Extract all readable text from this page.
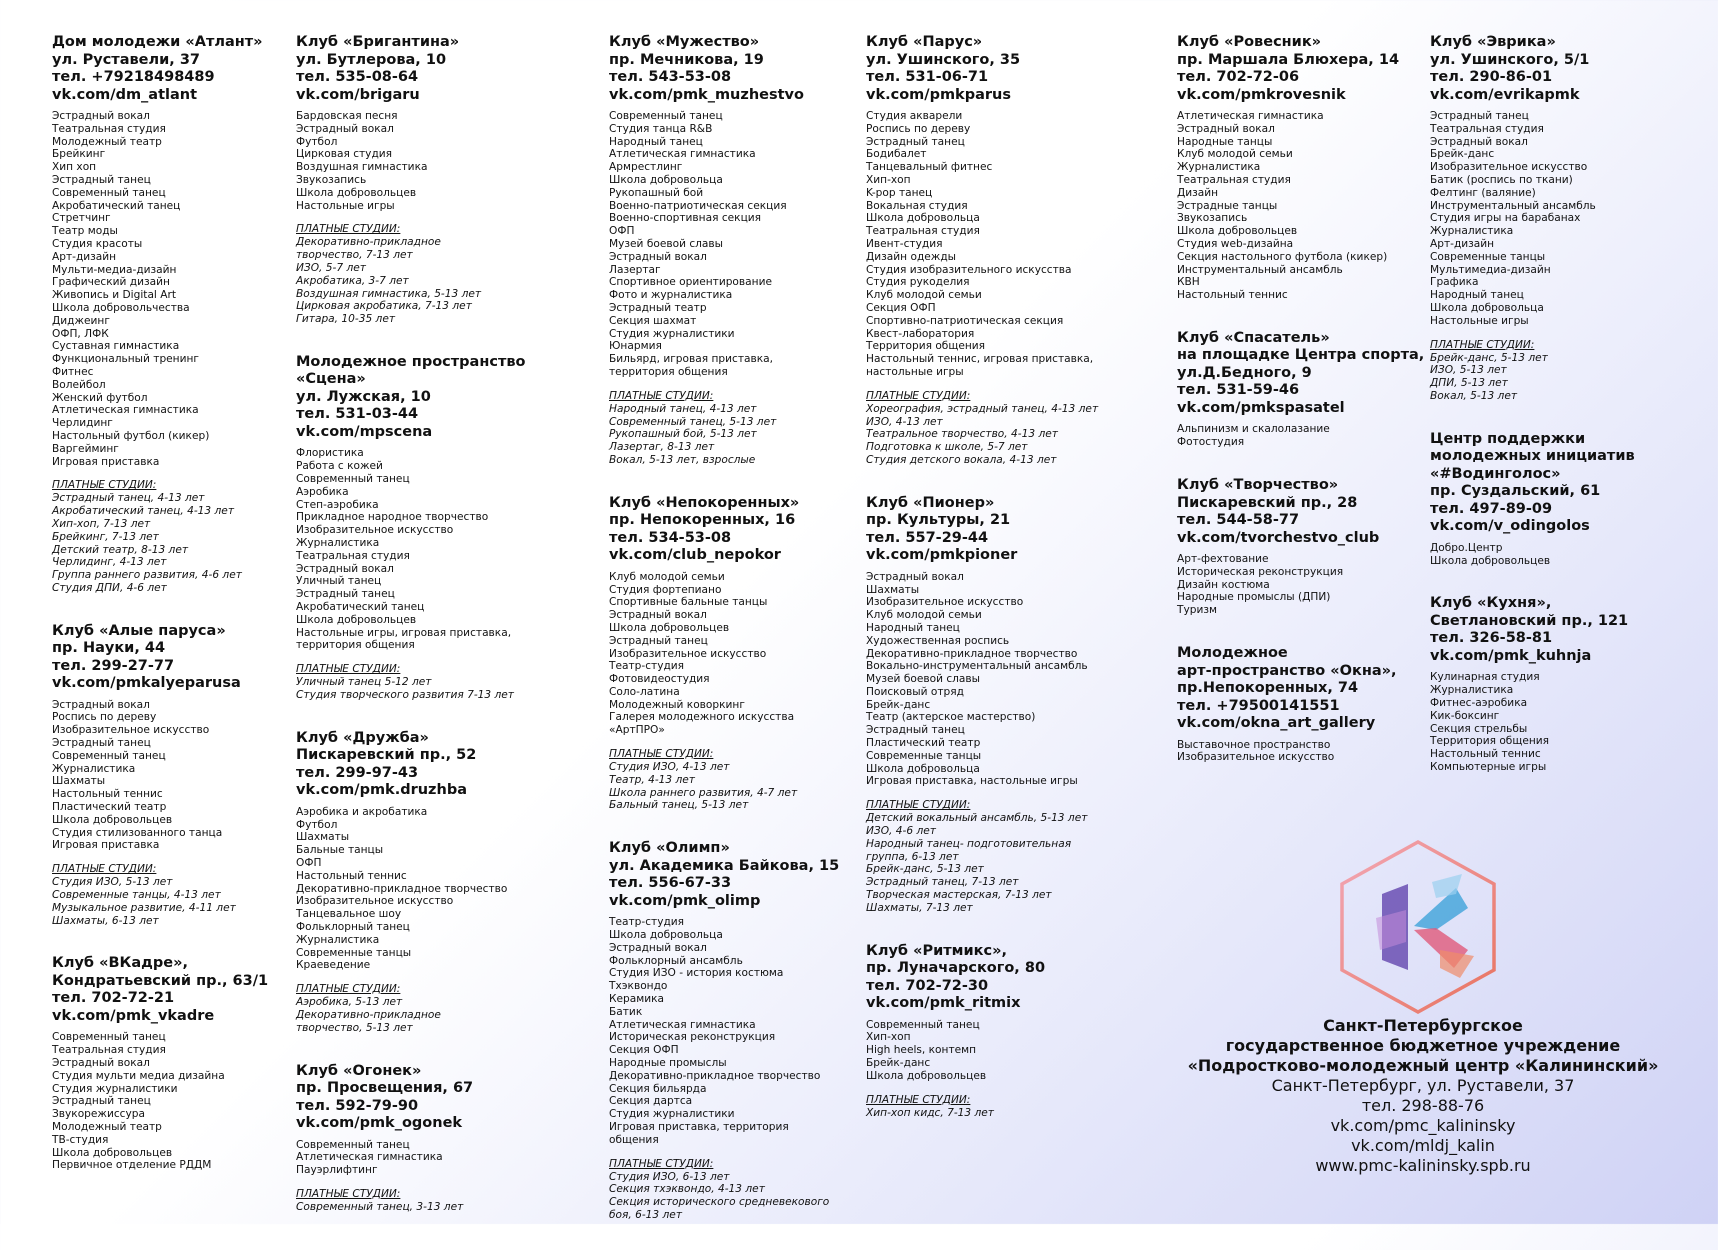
Дом молодежи «Атлант»
ул. Руставели, 37
тел. +79218498489
vk.com/dm_atlant
Эстрадный вокал
Театральная студия
Молодежный театр
Брейкинг
Хип хоп
Эстрадный танец
Современный танец
Акробатический танец
Стретчинг
Театр моды
Студия красоты
Арт-дизайн
Мульти-медиа-дизайн
Графический дизайн
Живопись и Digital Art
Школа добровольчества
Диджеинг
ОФП, ЛФК
Суставная гимнастика
Функциональный тренинг
Фитнес
Волейбол
Женский футбол
Атлетическая гимнастика
Черлидинг
Настольный футбол (кикер)
Варгейминг
Игровая приставка
ПЛАТНЫЕ СТУДИИ:
Эстрадный танец, 4-13 лет
Акробатический танец, 4-13 лет
Хип-хоп, 7-13 лет
Брейкинг, 7-13 лет
Детский театр, 8-13 лет
Черлидинг, 4-13 лет
Группа раннего развития, 4-6 лет
Студия ДПИ, 4-6 лет
Клуб «Алые паруса»
пр. Науки, 44
тел. 299-27-77
vk.com/pmkalyeparusa
Эстрадный вокал
Роспись по дереву
Изобразительное искусство
Эстрадный танец
Современный танец
Журналистика
Шахматы
Настольный теннис
Пластический театр
Школа добровольцев
Студия стилизованного танца
Игровая приставка
ПЛАТНЫЕ СТУДИИ:
Студия ИЗО, 5-13 лет
Современные танцы, 4-13 лет
Музыкальное развитие, 4-11 лет
Шахматы, 6-13 лет
Клуб «ВКадре»,
Кондратьевский пр., 63/1
тел. 702-72-21
vk.com/pmk_vkadre
Современный танец
Театральная студия
Эстрадный вокал
Студия мульти медиа дизайна
Студия журналистики
Эстрадный танец
Звукорежиссура
Молодежный театр
ТВ-студия
Школа добровольцев
Первичное отделение РДДМ
Клуб «Бригантина»
ул. Бутлерова, 10
тел. 535-08-64
vk.com/brigaru
Бардовская песня
Эстрадный вокал
Футбол
Цирковая студия
Воздушная гимнастика
Звукозапись
Школа добровольцев
Настольные игры
ПЛАТНЫЕ СТУДИИ:
Декоративно-прикладное
творчество, 7-13 лет
ИЗО, 5-7 лет
Акробатика, 3-7 лет
Воздушная гимнастика, 5-13 лет
Цирковая акробатика, 7-13 лет
Гитара, 10-35 лет
Молодежное пространство
«Сцена»
ул. Лужская, 10
тел. 531-03-44
vk.com/mpscena
Флористика
Работа с кожей
Современный танец
Аэробика
Степ-аэробика
Прикладное народное творчество
Изобразительное искусство
Журналистика
Театральная студия
Эстрадный вокал
Уличный танец
Эстрадный танец
Акробатический танец
Школа добровольцев
Настольные игры, игровая приставка,
территория общения
ПЛАТНЫЕ СТУДИИ:
Уличный танец 5-12 лет
Студия творческого развития 7-13 лет
Клуб «Дружба»
Пискаревский пр., 52
тел. 299-97-43
vk.com/pmk.druzhba
Аэробика и акробатика
Футбол
Шахматы
Бальные танцы
ОФП
Настольный теннис
Декоративно-прикладное творчество
Изобразительное искусство
Танцевальное шоу
Фольклорный танец
Журналистика
Современные танцы
Краеведение
ПЛАТНЫЕ СТУДИИ:
Аэробика, 5-13 лет
Декоративно-прикладное
творчество, 5-13 лет
Клуб «Огонек»
пр. Просвещения, 67
тел. 592-79-90
vk.com/pmk_ogonek
Современный танец
Атлетическая гимнастика
Пауэрлифтинг
ПЛАТНЫЕ СТУДИИ:
Современный танец, 3-13 лет
Клуб «Мужество»
пр. Мечникова, 19
тел. 543-53-08
vk.com/pmk_muzhestvo
Современный танец
Студия танца R&B
Народный танец
Атлетическая гимнастика
Армрестлинг
Школа добровольца
Рукопашный бой
Военно-патриотическая секция
Военно-спортивная секция
ОФП
Музей боевой славы
Эстрадный вокал
Лазертаг
Спортивное ориентирование
Фото и журналистика
Эстрадный театр
Секция шахмат
Студия журналистики
Юнармия
Бильярд, игровая приставка,
территория общения
ПЛАТНЫЕ СТУДИИ:
Народный танец, 4-13 лет
Современный танец, 5-13 лет
Рукопашный бой, 5-13 лет
Лазертаг, 8-13 лет
Вокал, 5-13 лет, взрослые
Клуб «Непокоренных»
пр. Непокоренных, 16
тел. 534-53-08
vk.com/club_nepokor
Клуб молодой семьи
Студия фортепиано
Спортивные бальные танцы
Эстрадный вокал
Школа добровольцев
Эстрадный танец
Изобразительное искусство
Театр-студия
Фотовидеостудия
Соло-латина
Молодежный коворкинг
Галерея молодежного искусства
«АртПРО»
ПЛАТНЫЕ СТУДИИ:
Студия ИЗО, 4-13 лет
Театр, 4-13 лет
Школа раннего развития, 4-7 лет
Бальный танец, 5-13 лет
Клуб «Олимп»
ул. Академика Байкова, 15
тел. 556-67-33
vk.com/pmk_olimp
Театр-студия
Школа добровольца
Эстрадный вокал
Фольклорный ансамбль
Студия ИЗО - история костюма
Тхэквондо
Керамика
Батик
Атлетическая гимнастика
Историческая реконструкция
Секция ОФП
Народные промыслы
Декоративно-прикладное творчество
Секция бильярда
Секция дартса
Студия журналистики
Игровая приставка, территория
общения
ПЛАТНЫЕ СТУДИИ:
Студия ИЗО, 6-13 лет
Секция тхэквондо, 4-13 лет
Секция исторического средневекового
боя, 6-13 лет
Клуб «Парус»
ул. Ушинского, 35
тел. 531-06-71
vk.com/pmkparus
Студия акварели
Роспись по дереву
Эстрадный танец
Бодибалет
Танцевальный фитнес
Хип-хоп
K-pop танец
Вокальная студия
Школа добровольца
Театральная студия
Ивент-студия
Дизайн одежды
Студия изобразительного искусства
Студия рукоделия
Клуб молодой семьи
Секция ОФП
Спортивно-патриотическая секция
Квест-лаборатория
Территория общения
Настольный теннис, игровая приставка,
настольные игры
ПЛАТНЫЕ СТУДИИ:
Хореография, эстрадный танец, 4-13 лет
ИЗО, 4-13 лет
Театральное творчество, 4-13 лет
Подготовка к школе, 5-7 лет
Студия детского вокала, 4-13 лет
Клуб «Пионер»
пр. Культуры, 21
тел. 557-29-44
vk.com/pmkpioner
Эстрадный вокал
Шахматы
Изобразительное искусство
Клуб молодой семьи
Народный танец
Художественная роспись
Декоративно-прикладное творчество
Вокально-инструментальный ансамбль
Музей боевой славы
Поисковый отряд
Брейк-данс
Театр (актерское мастерство)
Эстрадный танец
Пластический театр
Современные танцы
Школа добровольца
Игровая приставка, настольные игры
ПЛАТНЫЕ СТУДИИ:
Детский вокальный ансамбль, 5-13 лет
ИЗО, 4-6 лет
Народный танец- подготовительная
группа, 6-13 лет
Брейк-данс, 5-13 лет
Эстрадный танец, 7-13 лет
Творческая мастерская, 7-13 лет
Шахматы, 7-13 лет
Клуб «Ритмикс»,
пр. Луначарского, 80
тел. 702-72-30
vk.com/pmk_ritmix
Современный танец
Хип-хоп
High heels, контемп
Брейк-данс
Школа добровольцев
ПЛАТНЫЕ СТУДИИ:
Хип-хоп кидс, 7-13 лет
Клуб «Ровесник»
пр. Маршала Блюхера, 14
тел. 702-72-06
vk.com/pmkrovesnik
Атлетическая гимнастика
Эстрадный вокал
Народные танцы
Клуб молодой семьи
Журналистика
Театральная студия
Дизайн
Эстрадные танцы
Звукозапись
Школа добровольцев
Студия web-дизайна
Секция настольного футбола (кикер)
Инструментальный ансамбль
КВН
Настольный теннис
Клуб «Спасатель»
на площадке Центра спорта,
ул.Д.Бедного, 9
тел. 531-59-46
vk.com/pmkspasatel
Альпинизм и скалолазание
Фотостудия
Клуб «Творчество»
Пискаревский пр., 28
тел. 544-58-77
vk.com/tvorchestvo_club
Арт-фехтование
Историческая реконструкция
Дизайн костюма
Народные промыслы (ДПИ)
Туризм
Молодежное
арт-пространство «Окна»,
пр.Непокоренных, 74
тел. +79500141551
vk.com/okna_art_gallery
Выставочное пространство
Изобразительное искусство
Клуб «Эврика»
ул. Ушинского, 5/1
тел. 290-86-01
vk.com/evrikapmk
Эстрадный танец
Театральная студия
Эстрадный вокал
Брейк-данс
Изобразительное искусство
Батик (роспись по ткани)
Фелтинг (валяние)
Инструментальный ансамбль
Студия игры на барабанах
Журналистика
Арт-дизайн
Современные танцы
Мультимедиа-дизайн
Графика
Народный танец
Школа добровольца
Настольные игры
ПЛАТНЫЕ СТУДИИ:
Брейк-данс, 5-13 лет
ИЗО, 5-13 лет
ДПИ, 5-13 лет
Вокал, 5-13 лет
Центр поддержки
молодежных инициатив
«#Водинголос»
пр. Суздальский, 61
тел. 497-89-09
vk.com/v_odingolos
Добро.Центр
Школа добровольцев
Клуб «Кухня»,
Светлановский пр., 121
тел. 326-58-81
vk.com/pmk_kuhnja
Кулинарная студия
Журналистика
Фитнес-аэробика
Кик-боксинг
Секция стрельбы
Территория общения
Настольный теннис
Компьютерные игры
Санкт-Петербургское
государственное бюджетное учреждение
«Подростково-молодежный центр «Калининский»
Санкт-Петербург, ул. Руставели, 37
тел. 298-88-76
vk.com/pmc_kalininsky
vk.com/mldj_kalin
www.pmc-kalininsky.spb.ru
